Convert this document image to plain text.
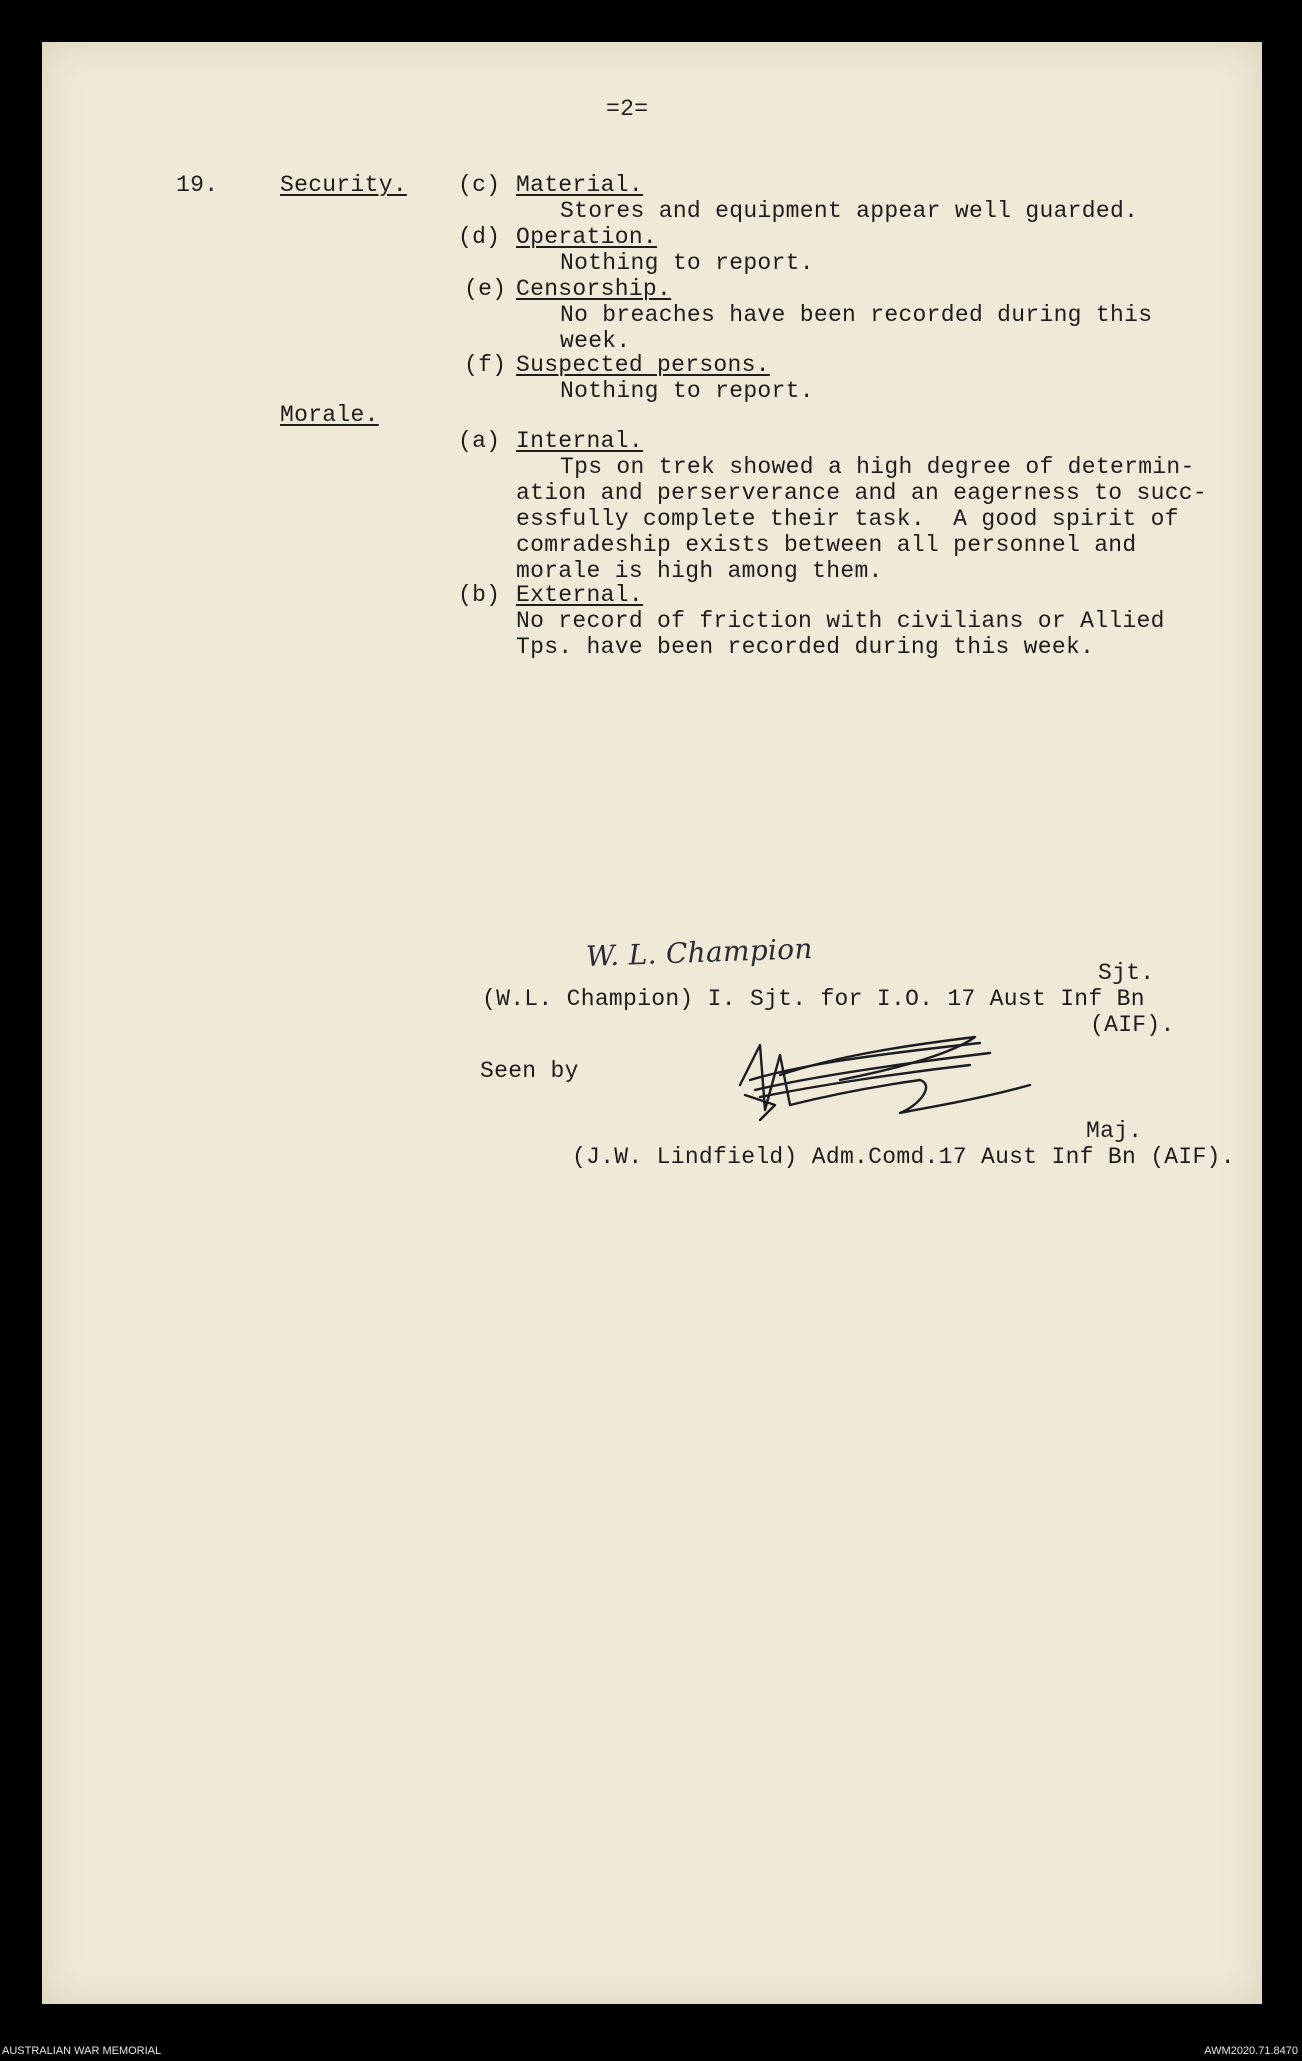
=2=
19.	Security. (c) Material.
Stores and equipment appear well guarded.
(d) Operation.
Nothing to report.
(e) Censorship.
No breaches have been recorded during this
week.
(f) Suspected persons.
Nothing to report.
Morale.
(a) Internal.
Tps on trek showed a high degree of determin-
ation and perserverance and an eagerness to succ-
essfully complete their task.  A good spirit of
comradeship exists between all personnel and
morale is high among them.
(b) External.
No record of friction with civilians or Allied
Tps. have been recorded during this week.
W. L. Champion
Sjt.
(W.L. Champion) I. Sjt. for I.O. 17 Aust Inf Bn
(AIF).
Seen by
Maj.
(J.W. Lindfield) Adm.Comd.17 Aust Inf Bn (AIF).
AUSTRALIAN WAR MEMORIAL	AWM2020.71.8470
